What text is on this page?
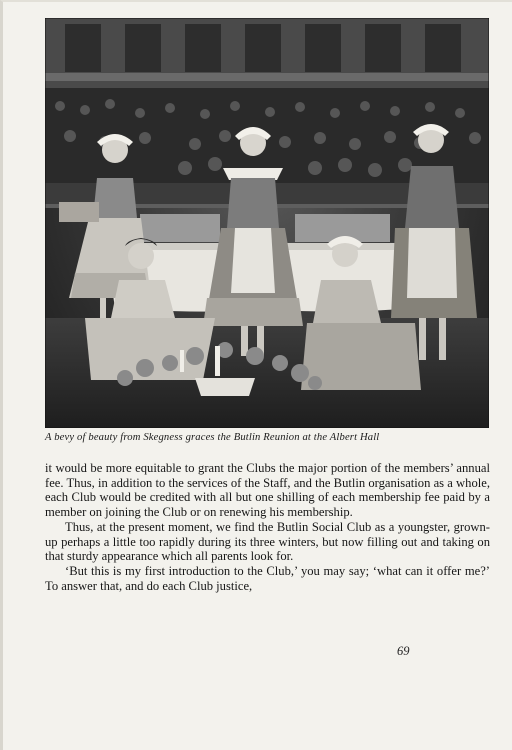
A bevy of beauty from Skegness graces the Butlin Reunion at the Albert Hall

it would be more equitable to grant the Clubs the major portion of the members’ annual fee. Thus, in addition to the services of the Staff, and the Butlin organisation as a whole, each Club would be credited with all but one shilling of each membership fee paid by a member on joining the Club or on renewing his membership.

Thus, at the present moment, we find the Butlin Social Club as a youngster, grown-up perhaps a little too rapidly during its three winters, but now filling out and taking on that sturdy appearance which all parents look for.

‘But this is my first introduction to the Club,’ you may say; ‘what can it offer me?’ To answer that, and do each Club justice,

69
